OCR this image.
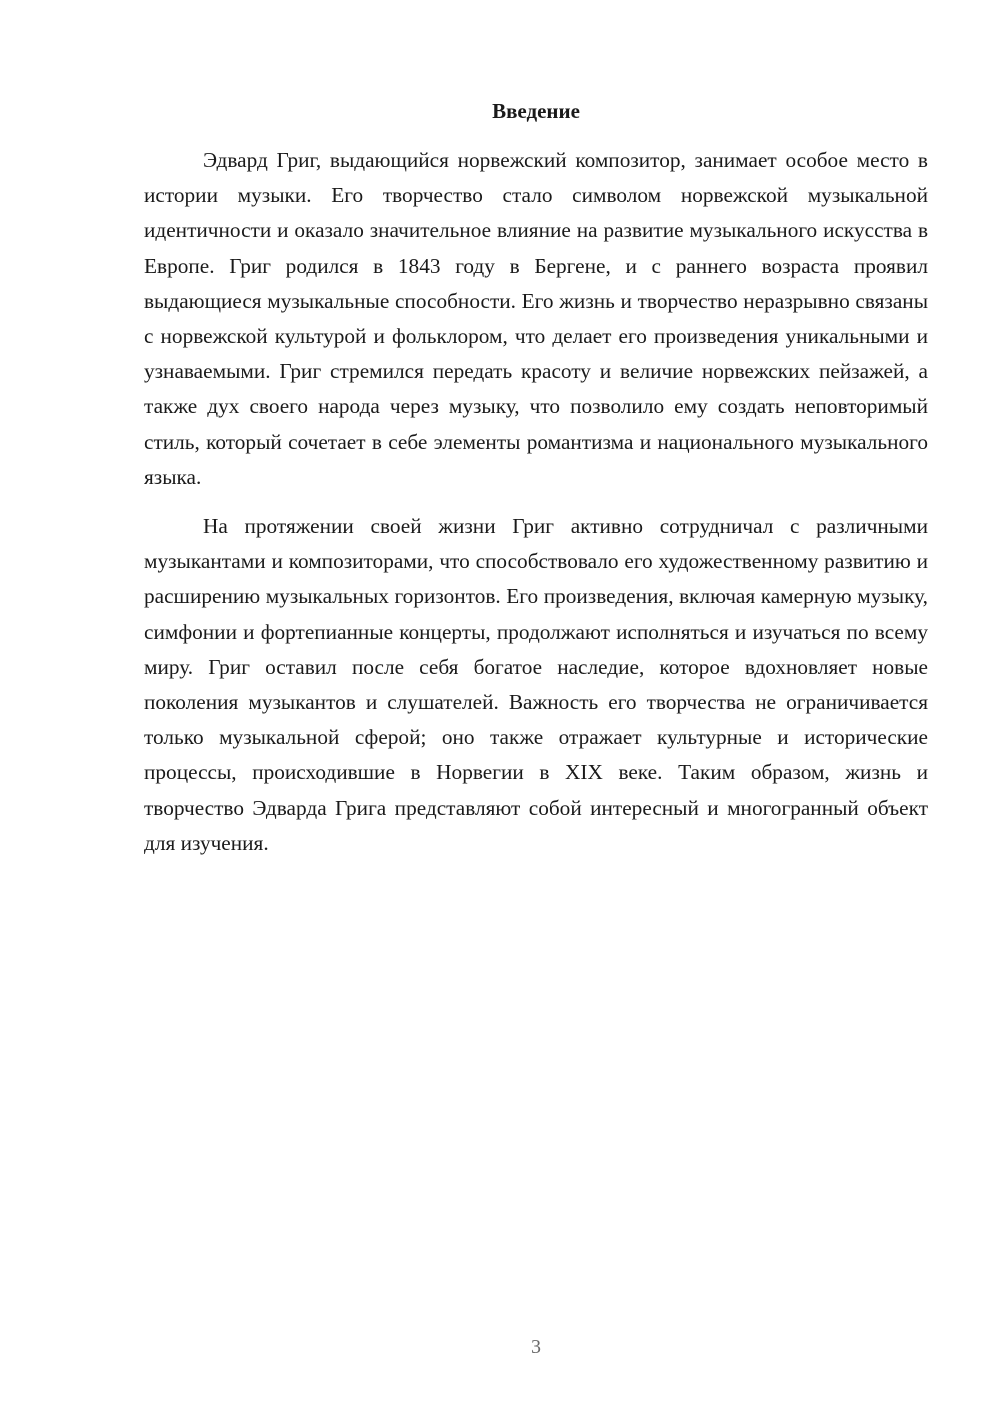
Введение

Эдвард Григ, выдающийся норвежский композитор, занимает особое место в истории музыки. Его творчество стало символом норвежской музыкальной идентичности и оказало значительное влияние на развитие музыкального искусства в Европе. Григ родился в 1843 году в Бергене, и с раннего возраста проявил выдающиеся музыкальные способности. Его жизнь и творчество неразрывно связаны с норвежской культурой и фольклором, что делает его произведения уникальными и узнаваемыми. Григ стремился передать красоту и величие норвежских пейзажей, а также дух своего народа через музыку, что позволило ему создать неповторимый стиль, который сочетает в себе элементы романтизма и национального музыкального языка.

На протяжении своей жизни Григ активно сотрудничал с различными музыкантами и композиторами, что способствовало его художественному развитию и расширению музыкальных горизонтов. Его произведения, включая камерную музыку, симфонии и фортепианные концерты, продолжают исполняться и изучаться по всему миру. Григ оставил после себя богатое наследие, которое вдохновляет новые поколения музыкантов и слушателей. Важность его творчества не ограничивается только музыкальной сферой; оно также отражает культурные и исторические процессы, происходившие в Норвегии в XIX веке. Таким образом, жизнь и творчество Эдварда Грига представляют собой интересный и многогранный объект для изучения.

3
